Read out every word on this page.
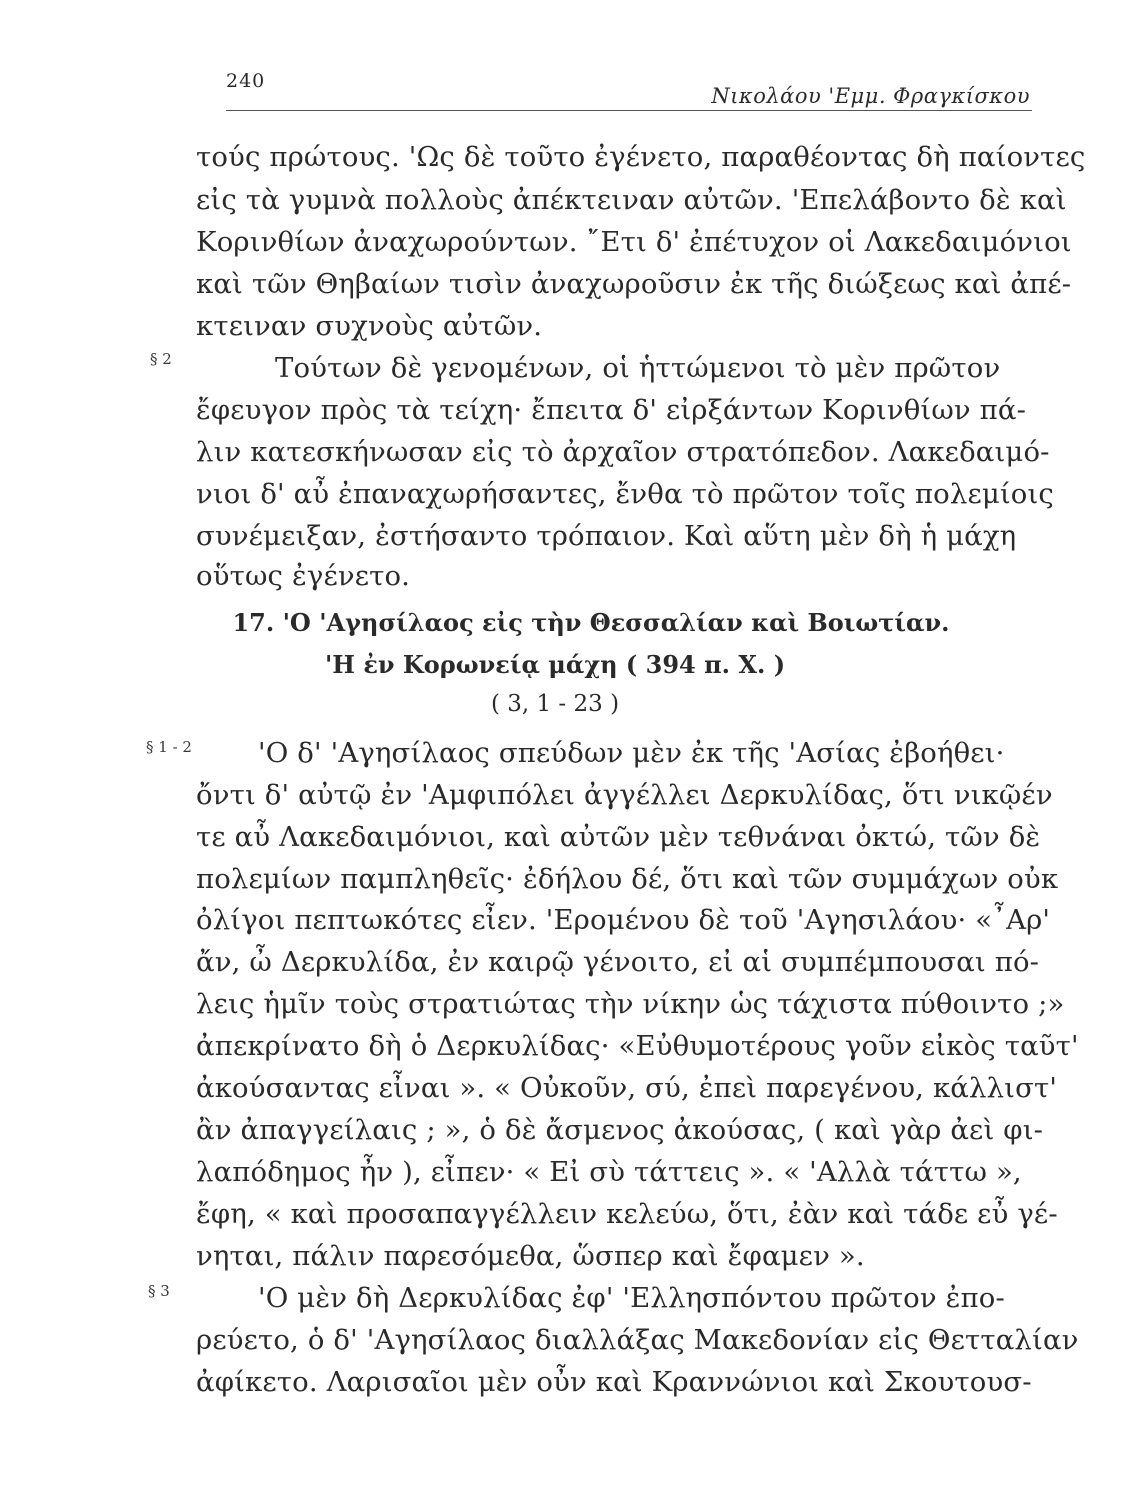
240
Νικολάου 'Εμμ. Φραγκίσκου
τούς πρώτους. 'Ως δὲ τοῦτο ἐγένετο, παραθέοντας δὴ παίοντες
εἰς τὰ γυμνὰ πολλοὺς ἀπέκτειναν αὐτῶν. 'Επελάβοντο δὲ καὶ
Κορινθίων ἀναχωρούντων. ῎Ετι δ' ἐπέτυχον οἱ Λακεδαιμόνιοι
καὶ τῶν Θηβαίων τισὶν ἀναχωροῦσιν ἐκ τῆς διώξεως καὶ ἀπέ-
κτειναν συχνοὺς αὐτῶν.
§ 2	Τούτων δὲ γενομένων, οἱ ἡττώμενοι τὸ μὲν πρῶτον
ἔφευγον πρὸς τὰ τείχη· ἔπειτα δ' εἰρξάντων Κορινθίων πά-
λιν κατεσκήνωσαν εἰς τὸ ἀρχαῖον στρατόπεδον. Λακεδαιμό-
νιοι δ' αὖ ἐπαναχωρήσαντες, ἔνθα τὸ πρῶτον τοῖς πολεμίοις
συνέμειξαν, ἐστήσαντο τρόπαιον. Καὶ αὕτη μὲν δὴ ἡ μάχη
οὕτως ἐγένετο.
17. 'Ο 'Αγησίλαος εἰς τὴν Θεσσαλίαν καὶ Βοιωτίαν.
'Η ἐν Κορωνείᾳ μάχη ( 394 π. Χ. )
( 3, 1 - 23 )
§ 1 - 2 'Ο δ' 'Αγησίλαος σπεύδων μὲν ἐκ τῆς 'Ασίας ἐβοήθει·
ὄντι δ' αὐτῷ ἐν 'Αμφιπόλει ἀγγέλλει Δερκυλίδας, ὅτι νικῷέν
τε αὖ Λακεδαιμόνιοι, καὶ αὐτῶν μὲν τεθνάναι ὀκτώ, τῶν δὲ
πολεμίων παμπληθεῖς· ἐδήλου δέ, ὅτι καὶ τῶν συμμάχων οὐκ
ὀλίγοι πεπτωκότες εἶεν. 'Ερομένου δὲ τοῦ 'Αγησιλάου· «῏Αρ'
ἄν, ὦ Δερκυλίδα, ἐν καιρῷ γένοιτο, εἰ αἱ συμπέμπουσαι πό-
λεις ἡμῖν τοὺς στρατιώτας τὴν νίκην ὡς τάχιστα πύθοιντο ;»
ἀπεκρίνατο δὴ ὁ Δερκυλίδας· «Εὐθυμοτέρους γοῦν εἰκὸς ταῦτ'
ἀκούσαντας εἶναι ». « Οὐκοῦν, σύ, ἐπεὶ παρεγένου, κάλλιστ'
ἂν ἀπαγγείλαις ; », ὁ δὲ ἄσμενος ἀκούσας, ( καὶ γὰρ ἀεὶ φι-
λαπόδημος ἦν ), εἶπεν· « Εἰ σὺ τάττεις ». « 'Αλλὰ τάττω »,
ἔφη, « καὶ προσαπαγγέλλειν κελεύω, ὅτι, ἐὰν καὶ τάδε εὖ γέ-
νηται, πάλιν παρεσόμεθα, ὥσπερ καὶ ἔφαμεν ».
§ 3	'Ο μὲν δὴ Δερκυλίδας ἐφ' 'Ελλησπόντου πρῶτον ἐπο-
ρεύετο, ὁ δ' 'Αγησίλαος διαλλάξας Μακεδονίαν εἰς Θετταλίαν
ἀφίκετο. Λαρισαῖοι μὲν οὖν καὶ Κραννώνιοι καὶ Σκουτουσ-
